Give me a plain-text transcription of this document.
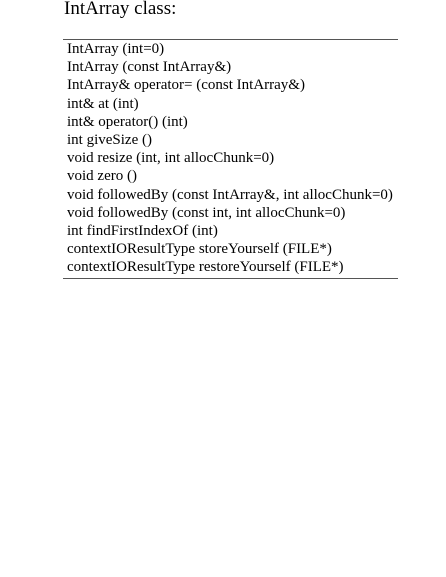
IntArray class:
IntArray (int=0)
IntArray (const IntArray&)
IntArray& operator= (const IntArray&)
int& at (int)
int& operator() (int)
int giveSize ()
void resize (int, int allocChunk=0)
void zero ()
void followedBy (const IntArray&, int allocChunk=0)
void followedBy (const int, int allocChunk=0)
int findFirstIndexOf (int)
contextIOResultType storeYourself (FILE*)
contextIOResultType restoreYourself (FILE*)
